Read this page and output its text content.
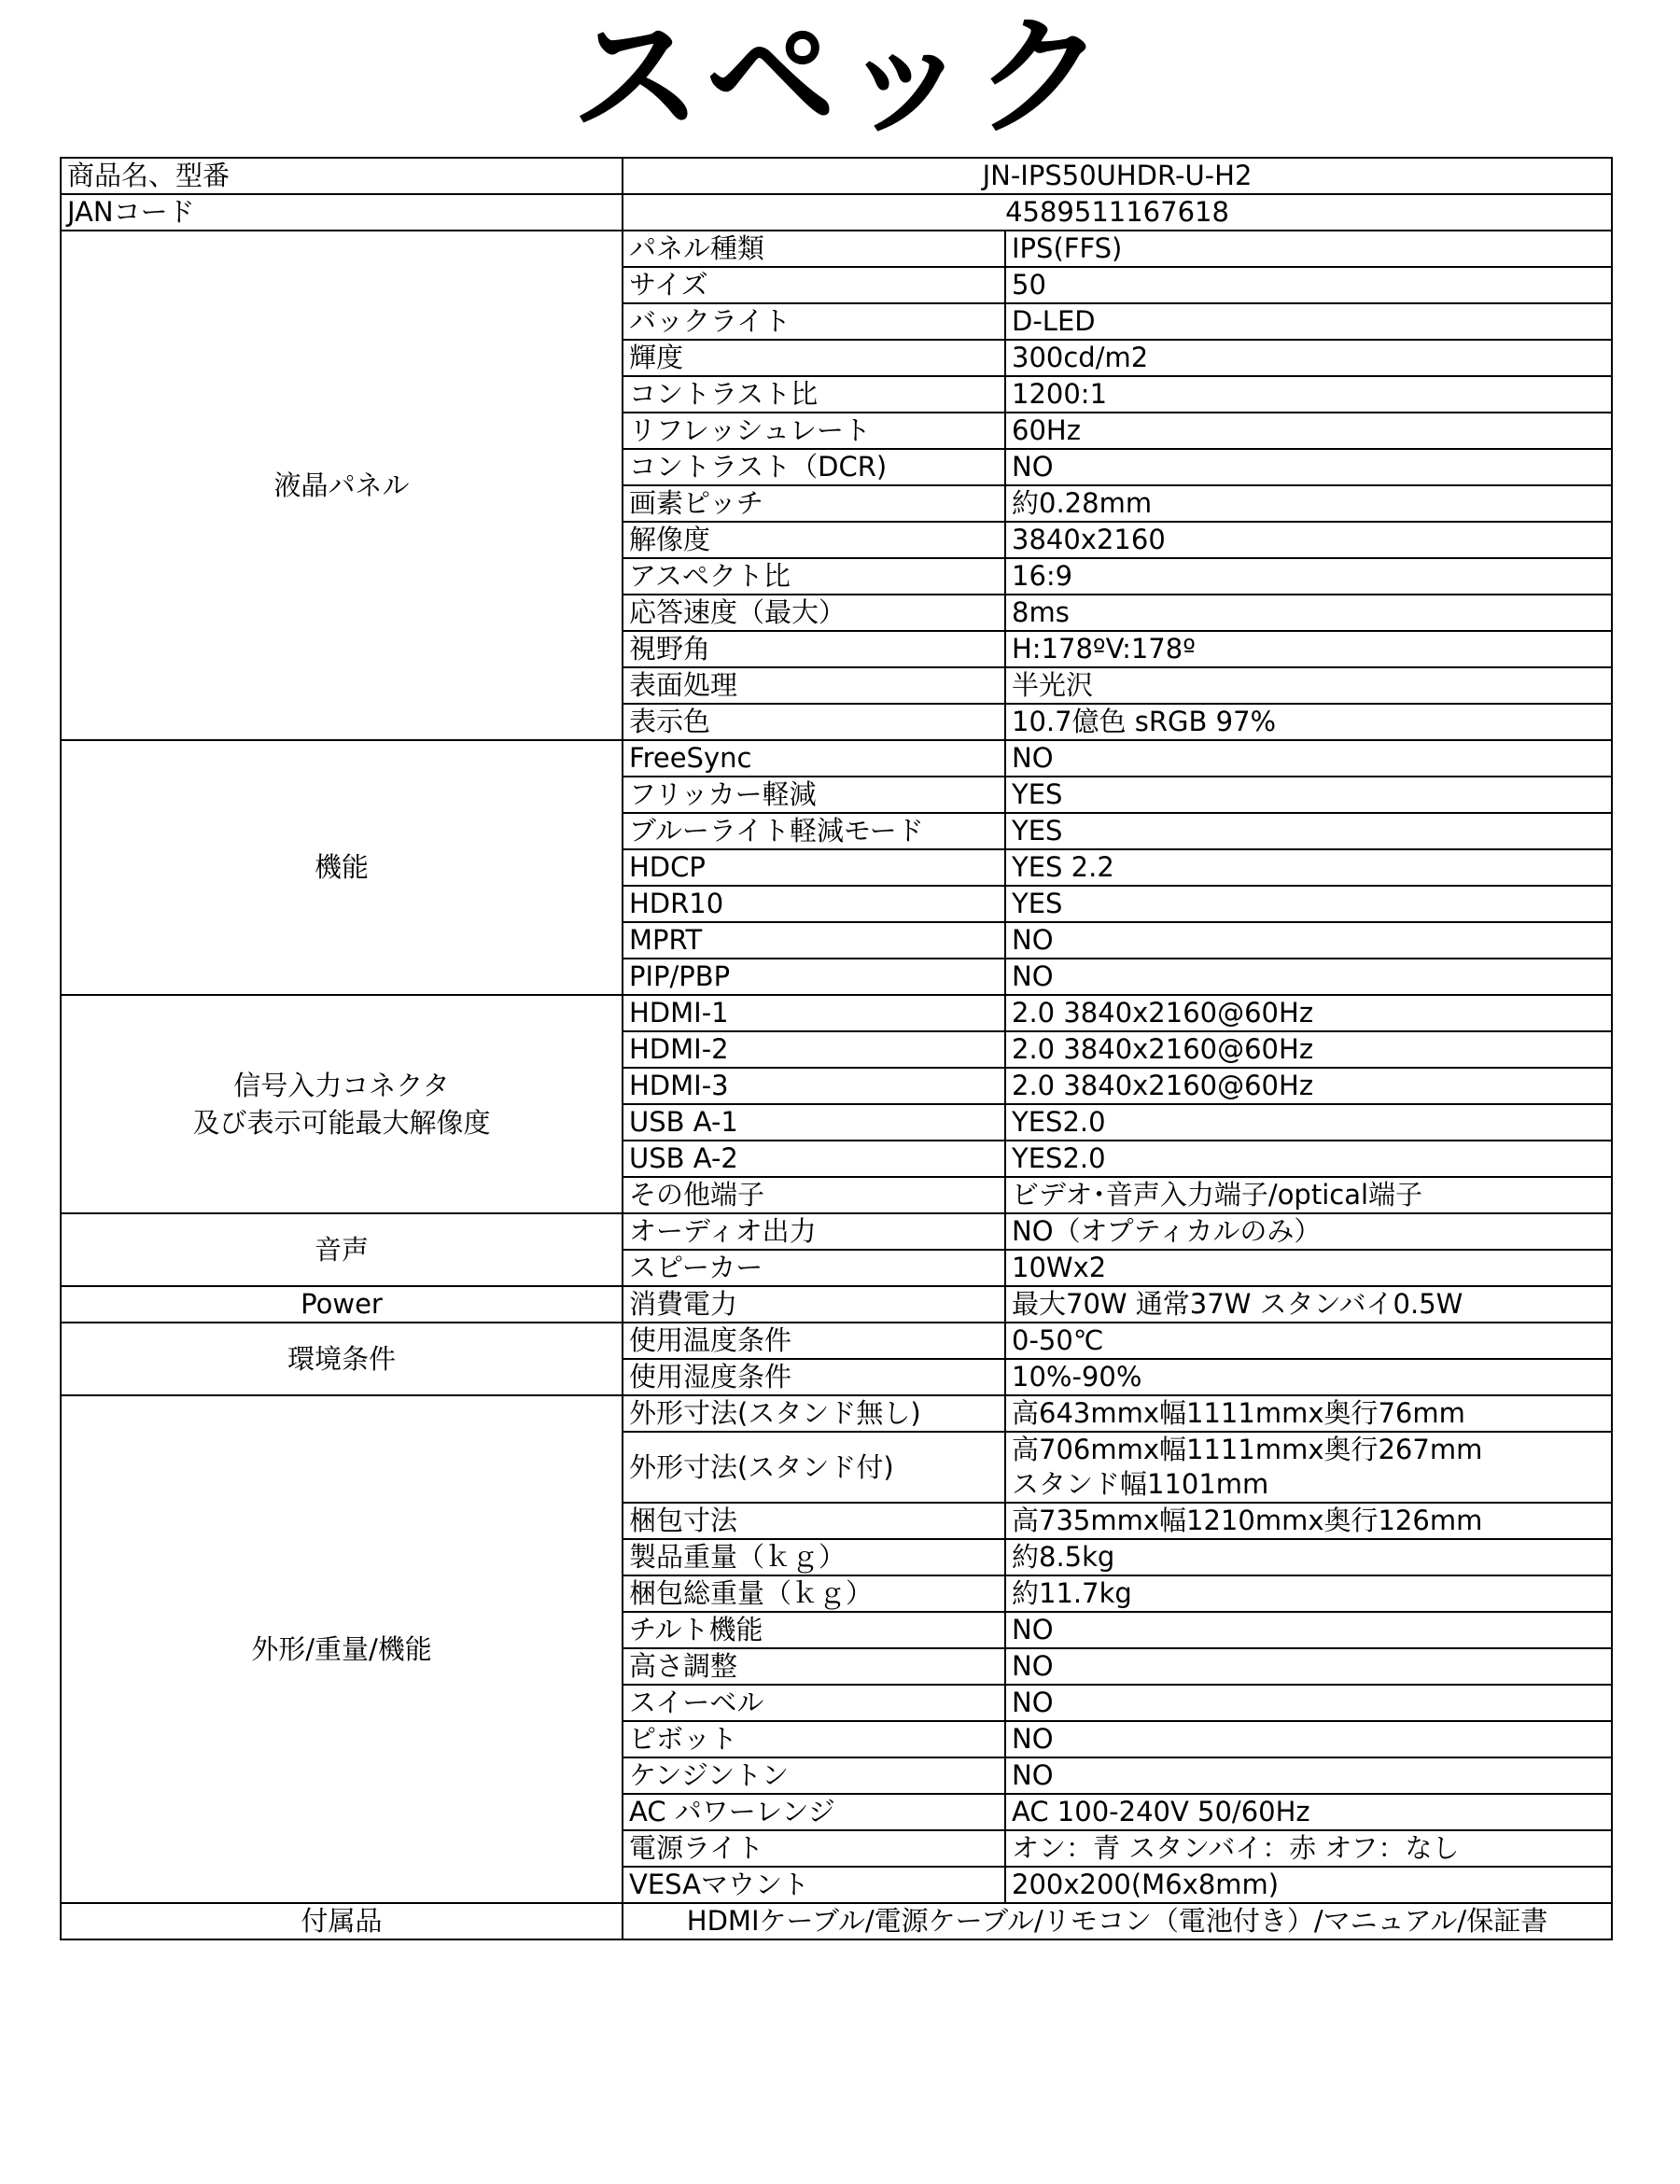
スペック
商品名、型番	JN-IPS50UHDR-U-H2	
JANコード	4589511167618	
液晶パネル	パネル種類	IPS(FFS)
	サイズ	50
	バックライト	D-LED
	輝度	300cd/m2
	コントラスト比	1200:1
	リフレッシュレート	60Hz
	コントラスト（DCR)	NO
	画素ピッチ	約0.28mm
	解像度	3840x2160
	アスペクト比	16:9
	応答速度（最大）	8ms
	視野角	H:178ºV:178º
	表面処理	半光沢
	表示色	10.7億色 sRGB 97%
機能	FreeSync	NO
	フリッカー軽減	YES
	ブルーライト軽減モード	YES
	HDCP	YES 2.2
	HDR10	YES
	MPRT	NO
	PIP/PBP	NO

信号入力コネクタ
及び表示可能最大解像度	HDMI-1	2.0 3840x2160@60Hz
	HDMI-2	2.0 3840x2160@60Hz
	HDMI-3	2.0 3840x2160@60Hz
	USB A-1	YES2.0
	USB A-2	YES2.0
	その他端子	ビデオ･音声入力端子/optical端子
音声	オーディオ出力	NO（オプティカルのみ）
	スピーカー	10Wx2
Power	消費電力	最大70W 通常37W スタンバイ0.5W
環境条件	使用温度条件	0-50℃
	使用湿度条件	10%-90%
外形/重量/機能	外形寸法(スタンド無し)	高643mmx幅1111mmx奥行76mm
	外形寸法(スタンド付)	高706mmx幅1111mmx奥行267mm
スタンド幅1101mm

	梱包寸法	高735mmx幅1210mmx奥行126mm
	製品重量（ｋｇ）	約8.5kg
	梱包総重量（ｋｇ）	約11.7kg
	チルト機能	NO
	高さ調整	NO
	スイーベル	NO
	ピボット	NO
	ケンジントン	NO
	AC パワーレンジ	AC 100-240V 50/60Hz
	電源ライト	オン：青 スタンバイ：赤 オフ：なし
	VESAマウント	200x200(M6x8mm)
付属品	HDMIケーブル/電源ケーブル/リモコン（電池付き）/マニュアル/保証書	
